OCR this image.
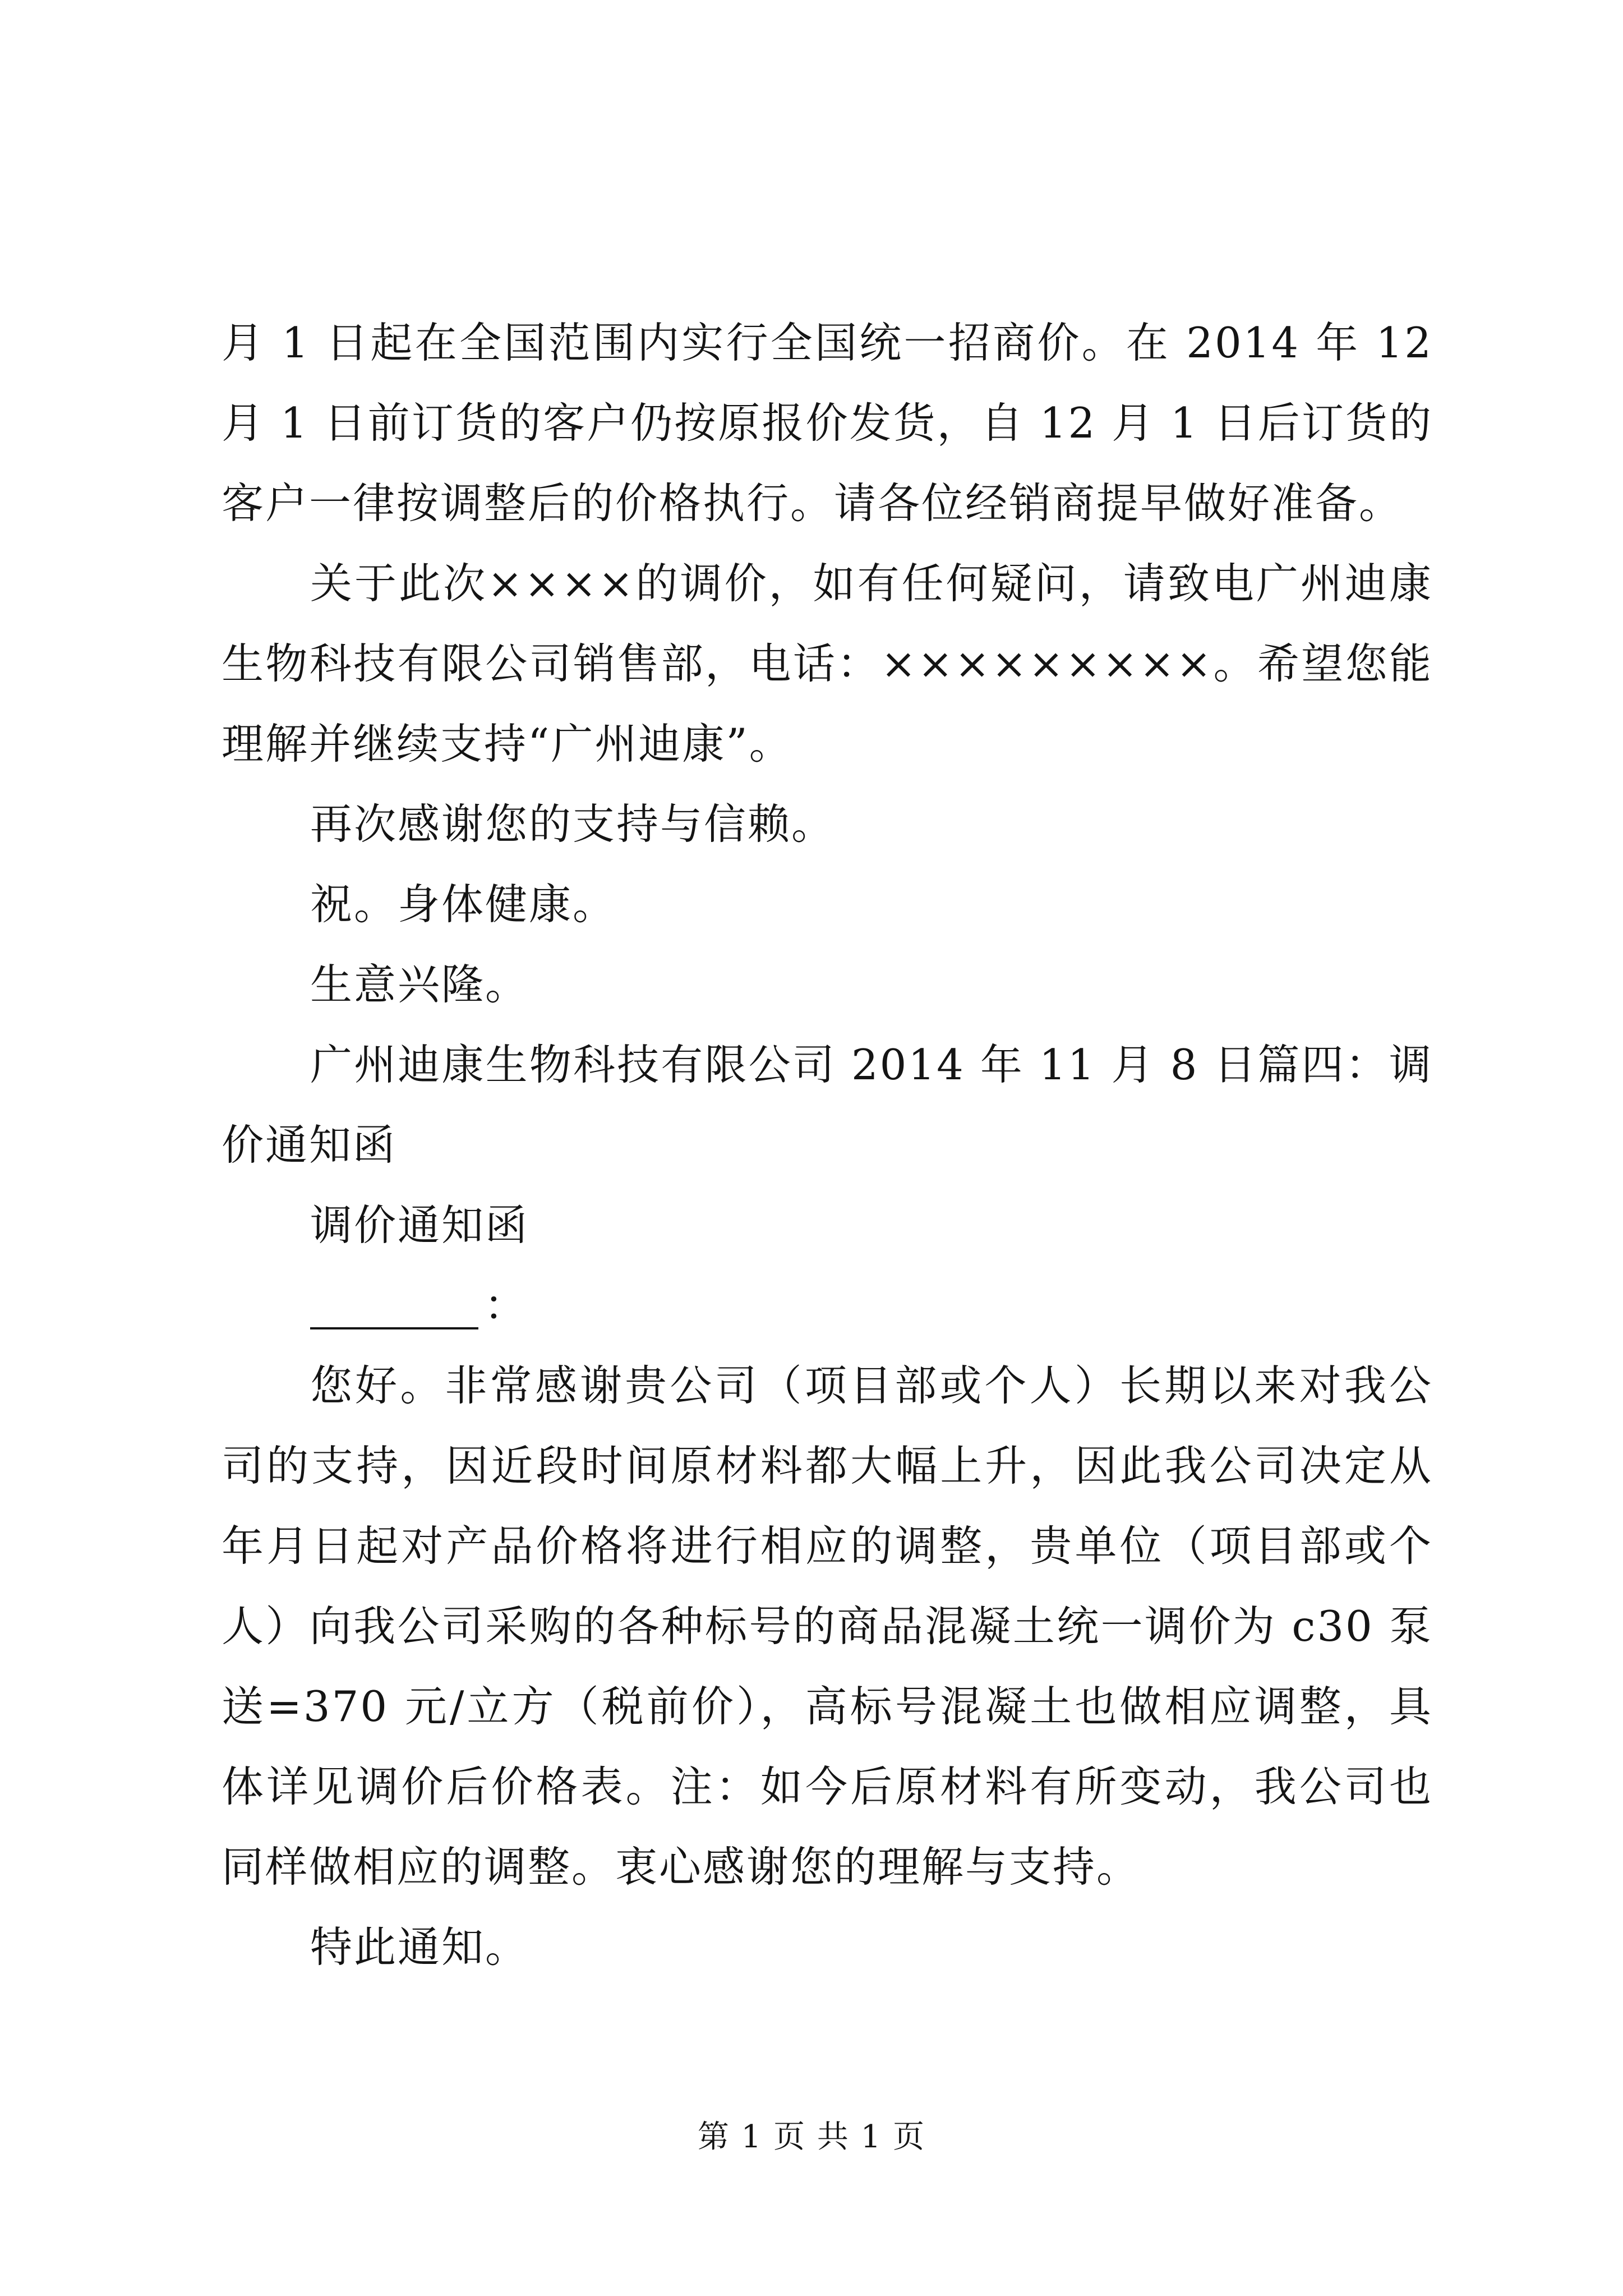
月 1 日起在全国范围内实行全国统一招商价。在 2014 年 12 月 1 日前订货的客户仍按原报价发货，自 12 月 1 日后订货的客户一律按调整后的价格执行。请各位经销商提早做好准备。

关于此次××××的调价，如有任何疑问，请致电广州迪康生物科技有限公司销售部，电话：×××××××××。希望您能理解并继续支持“广州迪康”。

再次感谢您的支持与信赖。

祝。身体健康。

生意兴隆。

广州迪康生物科技有限公司 2014 年 11 月 8 日篇四：调价通知函

调价通知函

：

您好。非常感谢贵公司（项目部或个人）长期以来对我公司的支持，因近段时间原材料都大幅上升，因此我公司决定从年月日起对产品价格将进行相应的调整，贵单位（项目部或个人）向我公司采购的各种标号的商品混凝土统一调价为 c30 泵送=370 元/立方（税前价），高标号混凝土也做相应调整，具体详见调价后价格表。注：如今后原材料有所变动，我公司也同样做相应的调整。衷心感谢您的理解与支持。

特此通知。

第 1 页 共 1 页
